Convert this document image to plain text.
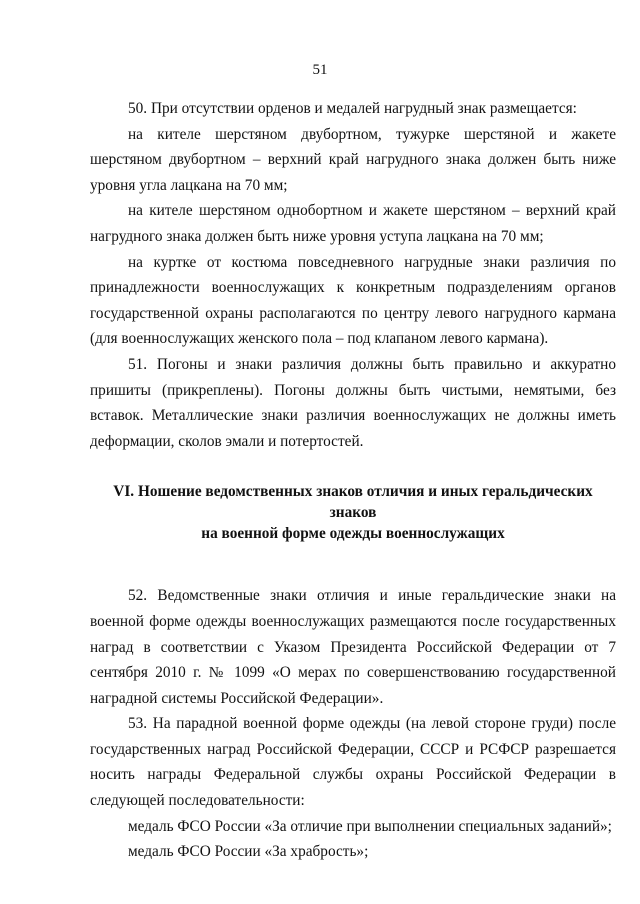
51

50. При отсутствии орденов и медалей нагрудный знак размещается:

на кителе шерстяном двубортном, тужурке шерстяной и жакете шерстяном двубортном – верхний край нагрудного знака должен быть ниже уровня угла лацкана на 70 мм;

на кителе шерстяном однобортном и жакете шерстяном – верхний край нагрудного знака должен быть ниже уровня уступа лацкана на 70 мм;

на куртке от костюма повседневного нагрудные знаки различия по принадлежности военнослужащих к конкретным подразделениям органов государственной охраны располагаются по центру левого нагрудного кармана (для военнослужащих женского пола – под клапаном левого кармана).

51. Погоны и знаки различия должны быть правильно и аккуратно пришиты (прикреплены). Погоны должны быть чистыми, немятыми, без вставок. Металлические знаки различия военнослужащих не должны иметь деформации, сколов эмали и потертостей.

VI. Ношение ведомственных знаков отличия и иных геральдических знаков
на военной форме одежды военнослужащих

52. Ведомственные знаки отличия и иные геральдические знаки на военной форме одежды военнослужащих размещаются после государственных наград в соответствии с Указом Президента Российской Федерации от 7 сентября 2010 г. № 1099 «О мерах по совершенствованию государственной наградной системы Российской Федерации».

53. На парадной военной форме одежды (на левой стороне груди) после государственных наград Российской Федерации, СССР и РСФСР разрешается носить награды Федеральной службы охраны Российской Федерации в следующей последовательности:

медаль ФСО России «За отличие при выполнении специальных заданий»;

медаль ФСО России «За храбрость»;
